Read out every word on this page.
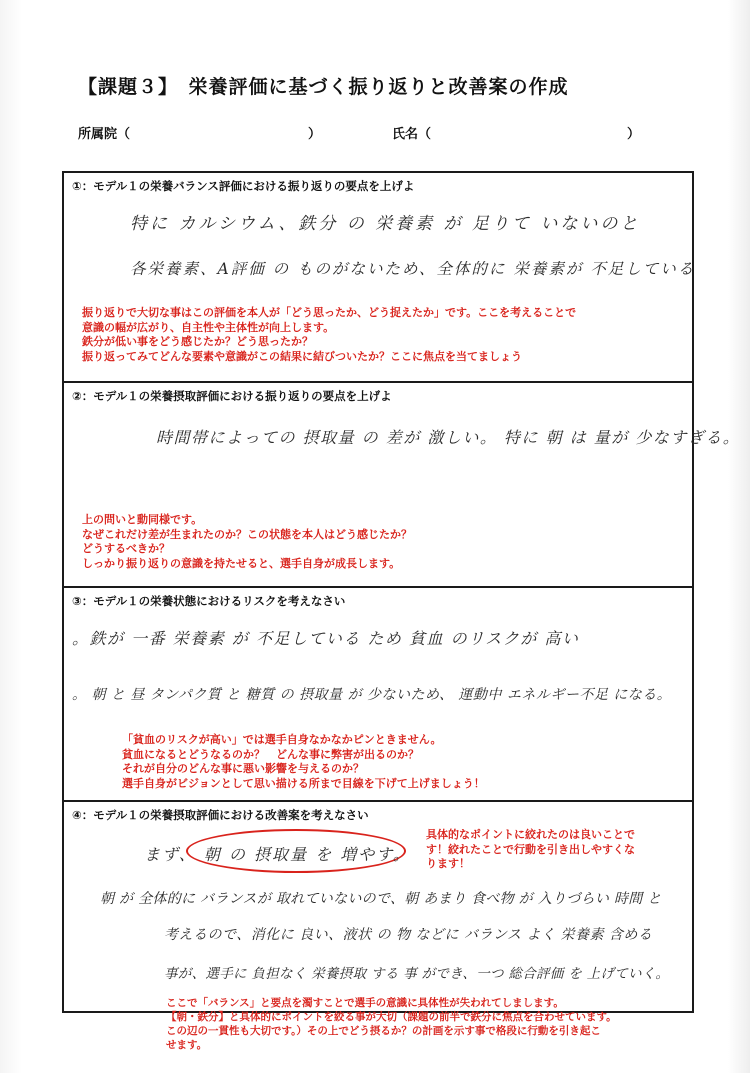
【課題３】　栄養評価に基づく振り返りと改善案の作成
所属院（	）	氏名（	）
①：モデル１の栄養バランス評価における振り返りの要点を上げよ
特に カルシウム、鉄分 の 栄養素 が 足りて いないのと
各栄養素、A評価 の ものがないため、全体的に 栄養素が 不足している
振り返りで大切な事はこの評価を本人が「どう思ったか、どう捉えたか」です。ここを考えることで
意識の幅が広がり、自主性や主体性が向上します。
鉄分が低い事をどう感じたか？どう思ったか？
振り返ってみてどんな要素や意識がこの結果に結びついたか？ここに焦点を当てましょう
②：モデル１の栄養摂取評価における振り返りの要点を上げよ
時間帯によっての 摂取量 の 差が 激しい。 特に 朝 は 量が 少なすぎる。
上の問いと動同様です。
なぜこれだけ差が生まれたのか？この状態を本人はどう感じたか？
どうするべきか？
しっかり振り返りの意識を持たせると、選手自身が成長します。
③：モデル１の栄養状態におけるリスクを考えなさい
。鉄が 一番 栄養素 が 不足している ため 貧血 のリスクが 高い
。 朝 と 昼 タンパク質 と 糖質 の 摂取量 が 少ないため、 運動中 エネルギー不足 になる。
「貧血のリスクが高い」では選手自身なかなかピンときません。
貧血になるとどうなるのか？　どんな事に弊害が出るのか？
それが自分のどんな事に悪い影響を与えるのか？
選手自身がビジョンとして思い描ける所まで目線を下げて上げましょう！
④：モデル１の栄養摂取評価における改善案を考えなさい
まず、 朝 の 摂取量 を 増やす。
具体的なポイントに絞れたのは良いことで
す！絞れたことで行動を引き出しやすくな
ります！
朝 が 全体的に バランスが 取れていないので、朝 あまり 食べ物 が 入りづらい 時間 と
考えるので、消化に 良い、液状 の 物 などに バランス よく 栄養素 含める
事が、選手に 負担なく 栄養摂取 する 事 ができ、一つ 総合評価 を 上げていく。
ここで「バランス」と要点を濁すことで選手の意識に具体性が失われてしまします。
【朝・鉄分】と具体的にポイントを絞る事が大切（課題の前半で鉄分に焦点を合わせています。
この辺の一貫性も大切です。）その上でどう摂るか？の計画を示す事で格段に行動を引き起こ
せます。
